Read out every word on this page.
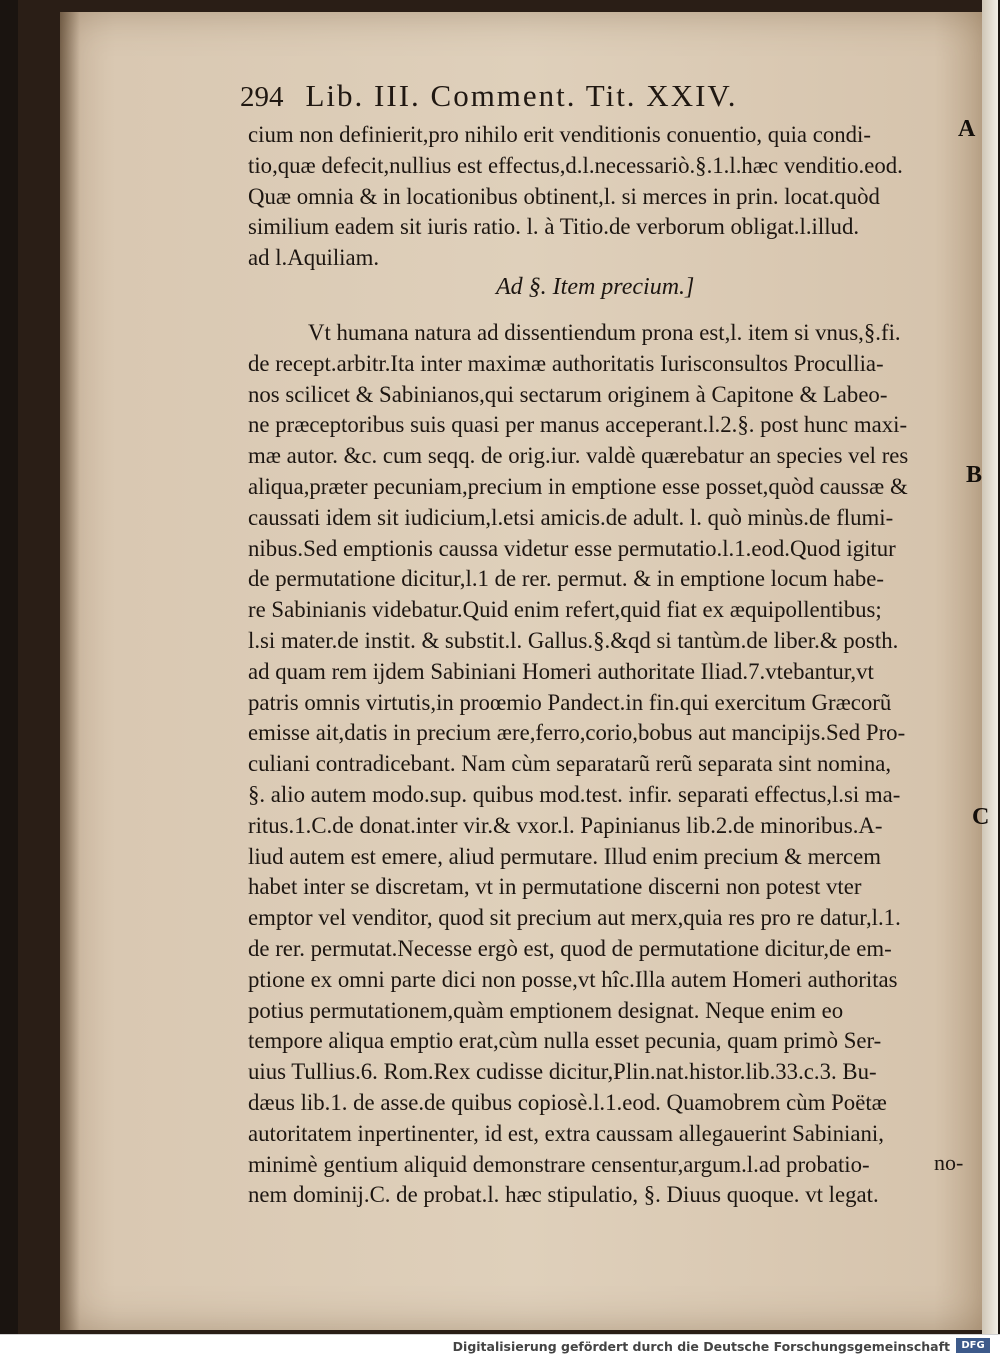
294 Lib. III. Comment. Tit. XXIV.
cium non definierit,pro nihilo erit venditionis conuentio, quia condi-
tio,quæ defecit,nullius est effectus,d.l.necessariò.§.1.l.hæc venditio.eod.
Quæ omnia & in locationibus obtinent,l. si merces in prin. locat.quòd
similium eadem sit iuris ratio. l. à Titio.de verborum obligat.l.illud.
ad l.Aquiliam.
Ad §. Item precium.]
Vt humana natura ad dissentiendum prona est,l. item si vnus,§.fi.
de recept.arbitr.Ita inter maximæ authoritatis Iurisconsultos Procullia-
nos scilicet & Sabinianos,qui sectarum originem à Capitone & Labeo-
ne præceptoribus suis quasi per manus acceperant.l.2.§. post hunc maxi-
mæ autor. &c. cum seqq. de orig.iur. valdè quærebatur an species vel res
aliqua,præter pecuniam,precium in emptione esse posset,quòd caussæ &
caussati idem sit iudicium,l.etsi amicis.de adult. l. quò minùs.de flumi-
nibus.Sed emptionis caussa videtur esse permutatio.l.1.eod.Quod igitur
de permutatione dicitur,l.1 de rer. permut. & in emptione locum habe-
re Sabinianis videbatur.Quid enim refert,quid fiat ex æquipollentibus;
l.si mater.de instit. & substit.l. Gallus.§.&qd si tantùm.de liber.& posth.
ad quam rem ijdem Sabiniani Homeri authoritate Iliad.7.vtebantur,vt
patris omnis virtutis,in proœmio Pandect.in fin.qui exercitum Græcorũ
emisse ait,datis in precium ære,ferro,corio,bobus aut mancipijs.Sed Pro-
culiani contradicebant. Nam cùm separatarũ rerũ separata sint nomina,
§. alio autem modo.sup. quibus mod.test. infir. separati effectus,l.si ma-
ritus.1.C.de donat.inter vir.& vxor.l. Papinianus lib.2.de minoribus.A-
liud autem est emere, aliud permutare. Illud enim precium & mercem
habet inter se discretam, vt in permutatione discerni non potest vter
emptor vel venditor, quod sit precium aut merx,quia res pro re datur,l.1.
de rer. permutat.Necesse ergò est, quod de permutatione dicitur,de em-
ptione ex omni parte dici non posse,vt hîc.Illa autem Homeri authoritas
potius permutationem,quàm emptionem designat. Neque enim eo
tempore aliqua emptio erat,cùm nulla esset pecunia, quam primò Ser-
uius Tullius.6. Rom.Rex cudisse dicitur,Plin.nat.histor.lib.33.c.3. Bu-
dæus lib.1. de asse.de quibus copiosè.l.1.eod. Quamobrem cùm Poëtæ
autoritatem inpertinenter, id est, extra caussam allegauerint Sabiniani,
minimè gentium aliquid demonstrare censentur,argum.l.ad probatio-
nem dominij.C. de probat.l. hæc stipulatio, §. Diuus quoque. vt legat.
A
B
C
no-
Digitalisierung gefördert durch die Deutsche Forschungsgemeinschaft	DFG
